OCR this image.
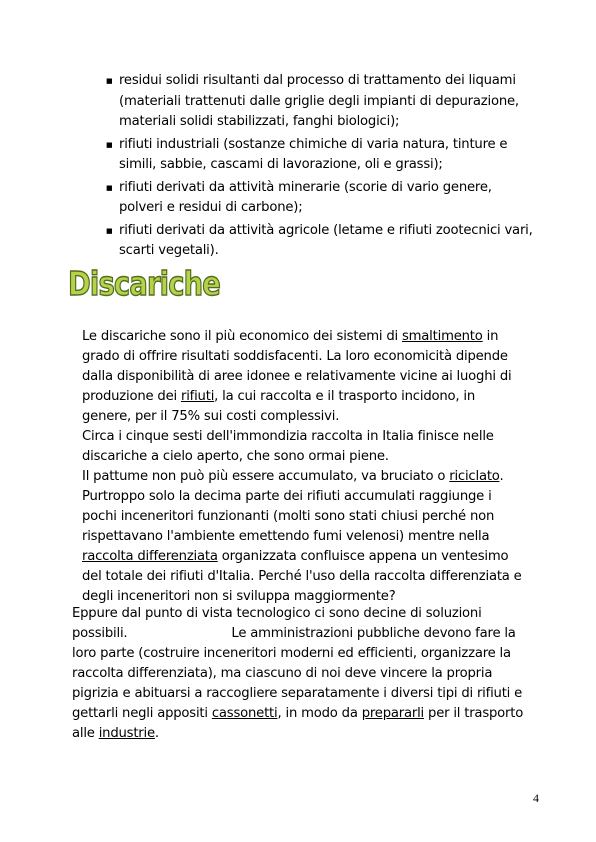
■ residui solidi risultanti dal processo di trattamento dei liquami (materiali trattenuti dalle griglie degli impianti di depurazione, materiali solidi stabilizzati, fanghi biologici);
■ rifiuti industriali (sostanze chimiche di varia natura, tinture e simili, sabbie, cascami di lavorazione, oli e grassi);
■ rifiuti derivati da attività minerarie (scorie di vario genere, polveri e residui di carbone);
■ rifiuti derivati da attività agricole (letame e rifiuti zootecnici vari, scarti vegetali).
Discariche
Le discariche sono il più economico dei sistemi di smaltimento in grado di offrire risultati soddisfacenti. La loro economicità dipende dalla disponibilità di aree idonee e relativamente vicine ai luoghi di produzione dei rifiuti, la cui raccolta e il trasporto incidono, in genere, per il 75% sui costi complessivi.
Circa i cinque sesti dell'immondizia raccolta in Italia finisce nelle discariche a cielo aperto, che sono ormai piene.
Il pattume non può più essere accumulato, va bruciato o riciclato. Purtroppo solo la decima parte dei rifiuti accumulati raggiunge i pochi inceneritori funzionanti (molti sono stati chiusi perché non rispettavano l'ambiente emettendo fumi velenosi) mentre nella raccolta differenziata organizzata confluisce appena un ventesimo del totale dei rifiuti d'Italia. Perché l'uso della raccolta differenziata e degli inceneritori non si sviluppa maggiormente?
Eppure dal punto di vista tecnologico ci sono decine di soluzioni possibili.	Le amministrazioni pubbliche devono fare la loro parte (costruire inceneritori moderni ed efficienti, organizzare la raccolta differenziata), ma ciascuno di noi deve vincere la propria pigrizia e abituarsi a raccogliere separatamente i diversi tipi di rifiuti e gettarli negli appositi cassonetti, in modo da prepararli per il trasporto alle industrie.
4
